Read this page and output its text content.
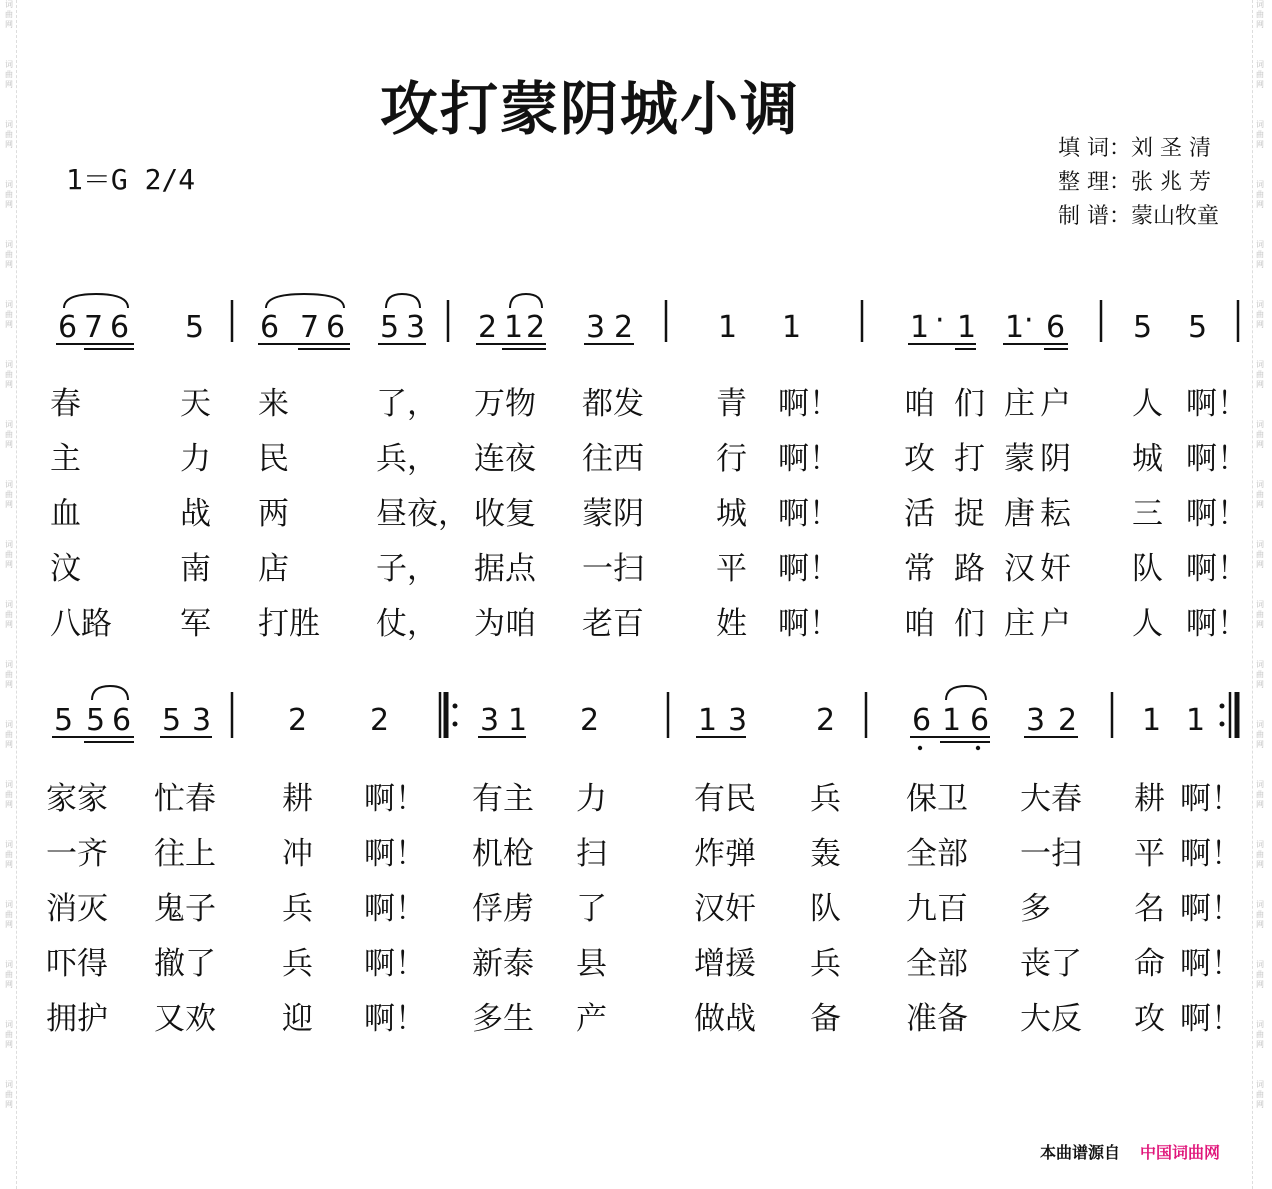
词曲网
词曲网
词曲网
词曲网
词曲网
词曲网
词曲网
词曲网
词曲网
词曲网
词曲网
词曲网
词曲网
词曲网
词曲网
词曲网
词曲网
词曲网
词曲网
词曲网
词曲网
词曲网
词曲网
词曲网
词曲网
词曲网
词曲网
词曲网
词曲网
词曲网
词曲网
词曲网
词曲网
词曲网
词曲网
词曲网
词曲网
词曲网
攻打蒙阴城小调
1＝G 2/4
填 词：刘 圣 清
整 理：张 兆 芳
制 谱：蒙山牧童
6 7 6 5 6 7 6 5 3 2 1 2 3 2	1 1	1 · 1 1 · 6 5 5
5 5 6 5 3	2 2	3 1 2	1 3 2	6 1 6 3 2 1 1
春	天 来	了， 万物 都发 青 啊！ 咱 们 庄 户 人 啊！
主	力 民	兵， 连夜 往西 行 啊！ 攻 打 蒙 阴 城 啊！
血	战 两	昼夜， 收复 蒙阴 城 啊！ 活 捉 唐 耘 三 啊！
汶	南 店	子， 据点 一扫 平 啊！ 常 路 汉 奸 队 啊！
八路 军 打胜 仗， 为咱 老百 姓 啊！ 咱 们 庄 户 人 啊！
家家 忙春 耕 啊！ 有主 力	有民 兵 保卫 大春 耕 啊！
一齐 往上 冲 啊！ 机枪 扫	炸弹 轰 全部 一扫 平 啊！
消灭 鬼子 兵 啊！ 俘虏 了	汉奸 队 九百 多	名 啊！
吓得 撤了 兵 啊！ 新泰 县	增援 兵 全部 丧了 命 啊！
拥护 又欢 迎 啊！ 多生 产	做战 备 准备 大反 攻 啊！
本曲谱源自 中国词曲网
